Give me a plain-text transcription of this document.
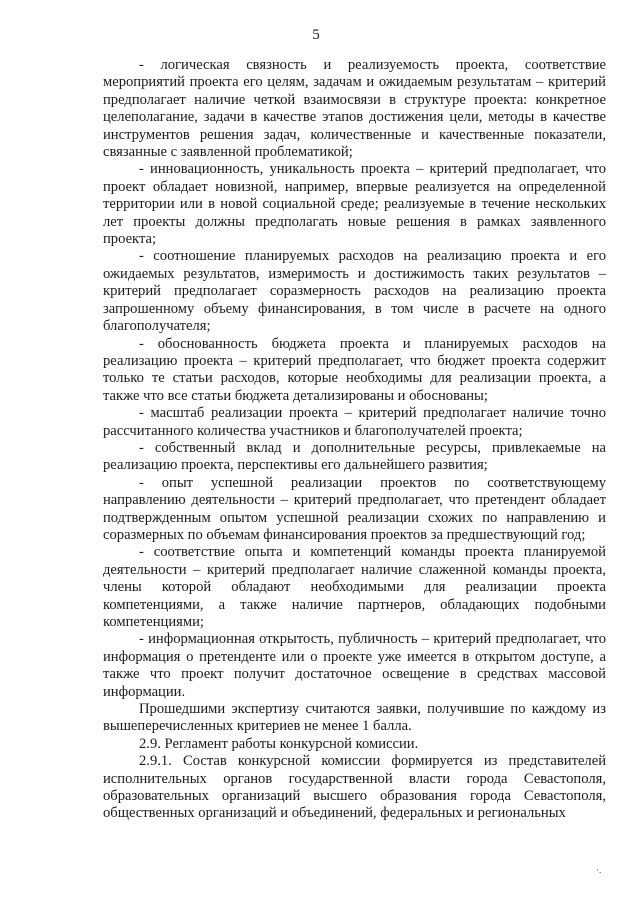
5

- логическая связность и реализуемость проекта, соответствие мероприятий проекта его целям, задачам и ожидаемым результатам – критерий предполагает наличие четкой взаимосвязи в структуре проекта: конкретное целеполагание, задачи в качестве этапов достижения цели, методы в качестве инструментов решения задач, количественные и качественные показатели, связанные с заявленной проблематикой;

- инновационность, уникальность проекта – критерий предполагает, что проект обладает новизной, например, впервые реализуется на определенной территории или в новой социальной среде; реализуемые в течение нескольких лет проекты должны предполагать новые решения в рамках заявленного проекта;

- соотношение планируемых расходов на реализацию проекта и его ожидаемых результатов, измеримость и достижимость таких результатов – критерий предполагает соразмерность расходов на реализацию проекта запрошенному объему финансирования, в том числе в расчете на одного благополучателя;

- обоснованность бюджета проекта и планируемых расходов на реализацию проекта – критерий предполагает, что бюджет проекта содержит только те статьи расходов, которые необходимы для реализации проекта, а также что все статьи бюджета детализированы и обоснованы;

- масштаб реализации проекта – критерий предполагает наличие точно рассчитанного количества участников и благополучателей проекта;

- собственный вклад и дополнительные ресурсы, привлекаемые на реализацию проекта, перспективы его дальнейшего развития;

- опыт успешной реализации проектов по соответствующему направлению деятельности – критерий предполагает, что претендент обладает подтвержденным опытом успешной реализации схожих по направлению и соразмерных по объемам финансирования проектов за предшествующий год;

- соответствие опыта и компетенций команды проекта планируемой деятельности – критерий предполагает наличие слаженной команды проекта, члены которой обладают необходимыми для реализации проекта компетенциями, а также наличие партнеров, обладающих подобными компетенциями;

- информационная открытость, публичность – критерий предполагает, что информация о претенденте или о проекте уже имеется в открытом доступе, а также что проект получит достаточное освещение в средствах массовой информации.

Прошедшими экспертизу считаются заявки, получившие по каждому из вышеперечисленных критериев не менее 1 балла.

2.9. Регламент работы конкурсной комиссии.

2.9.1. Состав конкурсной комиссии формируется из представителей исполнительных органов государственной власти города Севастополя, образовательных организаций высшего образования города Севастополя, общественных организаций и объединений, федеральных и региональных

·.
